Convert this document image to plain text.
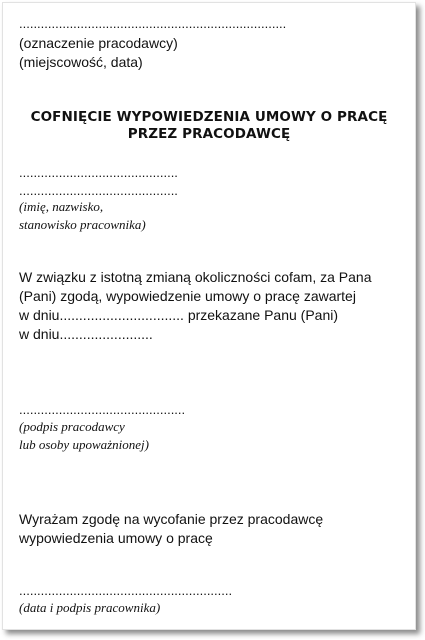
..........................................................................
(oznaczenie pracodawcy)
(miejscowość, data)
COFNIĘCIE WYPOWIEDZENIA UMOWY O PRACĘ
PRZEZ PRACODAWCĘ
............................................
............................................
(imię, nazwisko,
stanowisko pracownika)
W związku z istotną zmianą okoliczności cofam, za Pana
(Pani) zgodą, wypowiedzenie umowy o pracę zawartej
w dniu................................ przekazane Panu (Pani)
w dniu........................
..............................................
(podpis pracodawcy
lub osoby upoważnionej)
Wyrażam zgodę na wycofanie przez pracodawcę
wypowiedzenia umowy o pracę
...........................................................
(data i podpis pracownika)
